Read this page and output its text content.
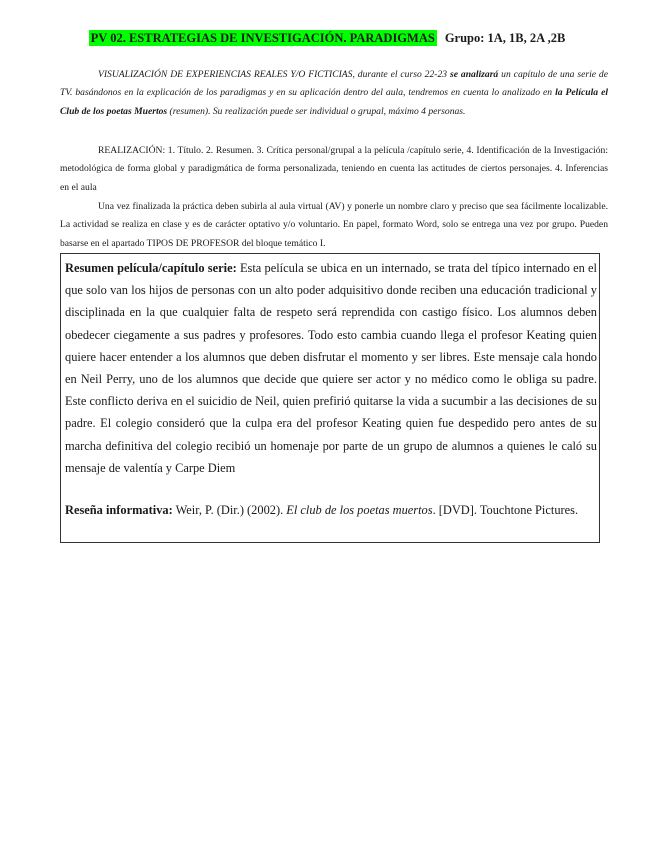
PV 02. ESTRATEGIAS DE INVESTIGACIÓN. PARADIGMAS Grupo: 1A, 1B, 2A ,2B

VISUALIZACIÓN DE EXPERIENCIAS REALES Y/O FICTICIAS, durante el curso 22-23 se analizará un capítulo de una serie de TV. basándonos en la explicación de los paradigmas y en su aplicación dentro del aula, tendremos en cuenta lo analizado en la Película el Club de los poetas Muertos (resumen). Su realización puede ser individual o grupal, máximo 4 personas.

REALIZACIÓN: 1. Título. 2. Resumen. 3. Crítica personal/grupal a la película /capítulo serie, 4. Identificación de la Investigación: metodológica de forma global y paradigmática de forma personalizada, teniendo en cuenta las actitudes de ciertos personajes. 4. Inferencias en el aula

Una vez finalizada la práctica deben subirla al aula virtual (AV) y ponerle un nombre claro y preciso que sea fácilmente localizable. La actividad se realiza en clase y es de carácter optativo y/o voluntario. En papel, formato Word, solo se entrega una vez por grupo. Pueden basarse en el apartado TIPOS DE PROFESOR del bloque temático I.

Resumen película/capítulo serie: Esta película se ubica en un internado, se trata del típico internado en el que solo van los hijos de personas con un alto poder adquisitivo donde reciben una educación tradicional y disciplinada en la que cualquier falta de respeto será reprendida con castigo físico. Los alumnos deben obedecer ciegamente a sus padres y profesores. Todo esto cambia cuando llega el profesor Keating quien quiere hacer entender a los alumnos que deben disfrutar el momento y ser libres. Este mensaje cala hondo en Neil Perry, uno de los alumnos que decide que quiere ser actor y no médico como le obliga su padre. Este conflicto deriva en el suicidio de Neil, quien prefirió quitarse la vida a sucumbir a las decisiones de su padre. El colegio consideró que la culpa era del profesor Keating quien fue despedido pero antes de su marcha definitiva del colegio recibió un homenaje por parte de un grupo de alumnos a quienes le caló su mensaje de valentía y Carpe Diem

Reseña informativa: Weir, P. (Dir.) (2002). El club de los poetas muertos. [DVD]. Touchtone Pictures.
